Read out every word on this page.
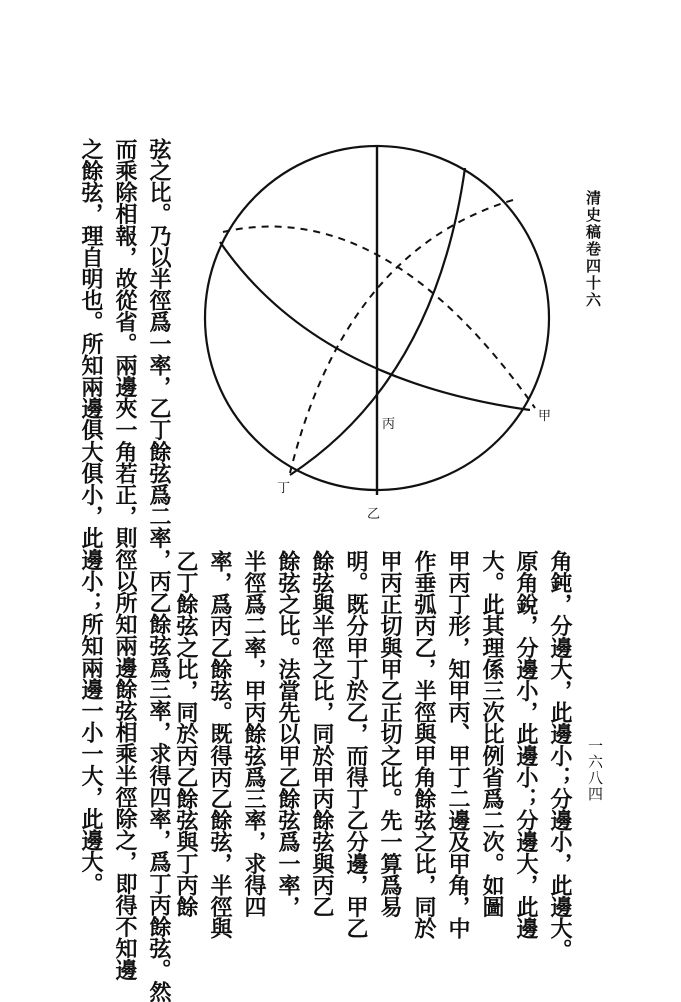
清史稿卷四十六
一六八四
甲
乙
丙
丁
角鈍，分邊大，此邊小；分邊小，此邊大。
原角銳，分邊小，此邊小；分邊大，此邊
大。此其理係三次比例省爲二次。如圖
甲丙丁形，知甲丙、甲丁二邊及甲角，中
作垂弧丙乙，半徑與甲角餘弦之比，同於
甲丙正切與甲乙正切之比。先一算爲易
明。既分甲丁於乙，而得丁乙分邊，甲乙
餘弦與半徑之比，同於甲丙餘弦與丙乙
餘弦之比。法當先以甲乙餘弦爲一率，
半徑爲二率，甲丙餘弦爲三率，求得四
率，爲丙乙餘弦。既得丙乙餘弦，半徑與
乙丁餘弦之比，同於丙乙餘弦與丁丙餘
弦之比。乃以半徑爲一率，乙丁餘弦爲二率，丙乙餘弦爲三率，求得四率，爲丁丙餘弦。然
而乘除相報，故從省。兩邊夾一角若正，則徑以所知兩邊餘弦相乘半徑除之，即得不知邊
之餘弦，理自明也。所知兩邊俱大俱小，此邊小；所知兩邊一小一大，此邊大。
